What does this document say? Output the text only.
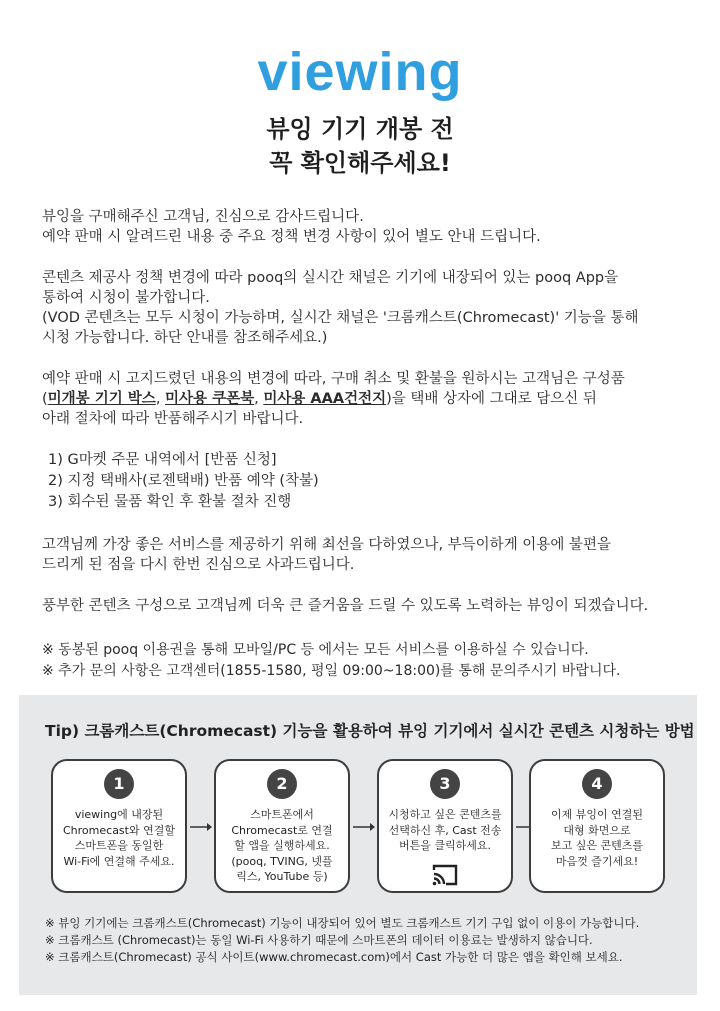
viewing
뷰잉 기기 개봉 전
꼭 확인해주세요!
뷰잉을 구매해주신 고객님, 진심으로 감사드립니다.
예약 판매 시 알려드린 내용 중 주요 정책 변경 사항이 있어 별도 안내 드립니다.
콘텐츠 제공사 정책 변경에 따라 pooq의 실시간 채널은 기기에 내장되어 있는 pooq App을
통하여 시청이 불가합니다.
(VOD 콘텐츠는 모두 시청이 가능하며, 실시간 채널은 '크롬캐스트(Chromecast)' 기능을 통해
시청 가능합니다. 하단 안내를 참조해주세요.)
예약 판매 시 고지드렸던 내용의 변경에 따라, 구매 취소 및 환불을 원하시는 고객님은 구성품
(미개봉 기기 박스, 미사용 쿠폰북, 미사용 AAA건전지)을 택배 상자에 그대로 담으신 뒤
아래 절차에 따라 반품해주시기 바랍니다.
1) G마켓 주문 내역에서 [반품 신청]
2) 지정 택배사(로젠택배) 반품 예약 (착불)
3) 회수된 물품 확인 후 환불 절차 진행
고객님께 가장 좋은 서비스를 제공하기 위해 최선을 다하였으나, 부득이하게 이용에 불편을
드리게 된 점을 다시 한번 진심으로 사과드립니다.
풍부한 콘텐츠 구성으로 고객님께 더욱 큰 즐거움을 드릴 수 있도록 노력하는 뷰잉이 되겠습니다.
※ 동봉된 pooq 이용권을 통해 모바일/PC 등 에서는 모든 서비스를 이용하실 수 있습니다.
※ 추가 문의 사항은 고객센터(1855-1580, 평일 09:00~18:00)를 통해 문의주시기 바랍니다.
Tip) 크롬캐스트(Chromecast) 기능을 활용하여 뷰잉 기기에서 실시간 콘텐츠 시청하는 방법
1
viewing에 내장된
Chromecast와 연결할
스마트폰을 동일한
Wi-Fi에 연결해 주세요.
2
스마트폰에서
Chromecast로 연결
할 앱을 실행하세요.
(pooq, TVING, 넷플
릭스, YouTube 등)
3
시청하고 싶은 콘텐츠를
선택하신 후, Cast 전송
버튼을 클릭하세요.
4
이제 뷰잉이 연결된
대형 화면으로
보고 싶은 콘텐츠를
마음껏 즐기세요!
※ 뷰잉 기기에는 크롬캐스트(Chromecast) 기능이 내장되어 있어 별도 크롬캐스트 기기 구입 없이 이용이 가능합니다.
※ 크롬캐스트 (Chromecast)는 동일 Wi-Fi 사용하기 때문에 스마트폰의 데이터 이용료는 발생하지 않습니다.
※ 크롬캐스트(Chromecast) 공식 사이트(www.chromecast.com)에서 Cast 가능한 더 많은 앱을 확인해 보세요.
